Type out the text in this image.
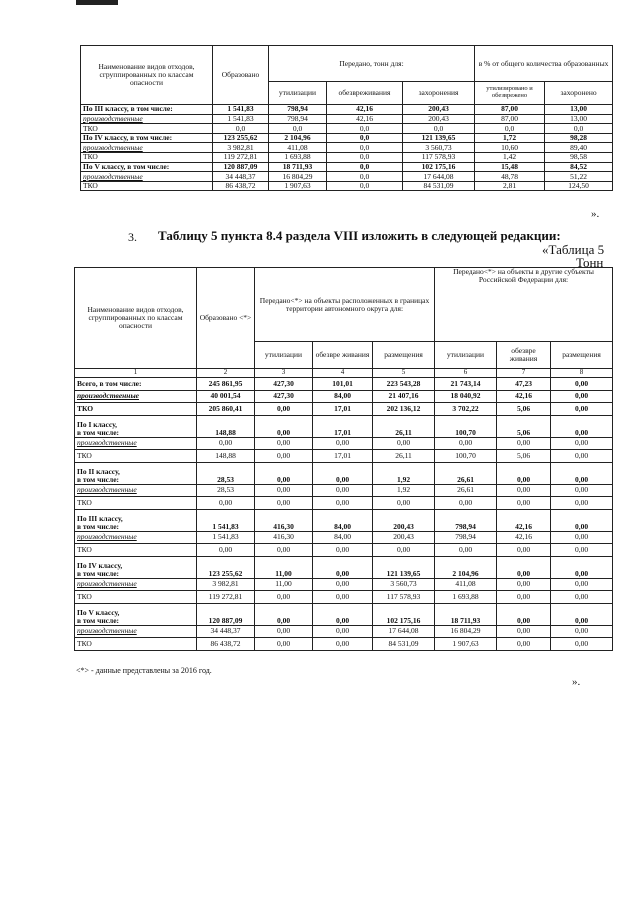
Наименование видов отходов, сгруппированных по классам опасности	Образовано	Передано, тонн для:			в % от общего количества образованных	
		утилизации	обезвреживания	захоронения	утилизировано и обезврежено	захоронено
По III классу, в том числе:	1 541,83	798,94	42,16	200,43	87,00	13,00
производственные	1 541,83	798,94	42,16	200,43	87,00	13,00
ТКО	0,0	0,0	0,0	0,0	0,0	0,0
По IV классу, в том числе:	123 255,62	2 104,96	0,0	121 139,65	1,72	98,28
производственные	3 982,81	411,08	0,0	3 560,73	10,60	89,40
ТКО	119 272,81	1 693,88	0,0	117 578,93	1,42	98,58
По V классу, в том числе:	120 887,09	18 711,93	0,0	102 175,16	15,48	84,52
производственные	34 448,37	16 804,29	0,0	17 644,08	48,78	51,22
ТКО	86 438,72	1 907,63	0,0	84 531,09	2,81	124,50
».
3. Таблицу 5 пункта 8.4 раздела VIII изложить в следующей редакции:
«Таблица 5
Тонн
Наименование видов отходов, сгруппированных по классам опасности	Образовано <*>	Передано<*> на объекты расположенных в границах территории автономного округа для:			Передано<*> на объекты в другие субъекты Российской Федерации для:		
		утилизации	обезвре живания	размещения	утилизации	обезвре живания	размещения
1	2	3	4	5	6	7	8

Всего, в том числе:	245 861,95	427,30	101,01	223 543,28	21 743,14	47,23	0,00

производственные	40 001,54	427,30	84,00	21 407,16	18 040,92	42,16	0,00

ТКО	205 860,41	0,00	17,01	202 136,12	3 702,22	5,06	0,00

По I классу,
в том числе:	148,88	0,00	17,01	26,11	100,70	5,06	0,00

производственные	0,00	0,00	0,00	0,00	0,00	0,00	0,00

ТКО	148,88	0,00	17,01	26,11	100,70	5,06	0,00

По II классу,
в том числе:	28,53	0,00	0,00	1,92	26,61	0,00	0,00

производственные	28,53	0,00	0,00	1,92	26,61	0,00	0,00

ТКО	0,00	0,00	0,00	0,00	0,00	0,00	0,00

По III классу,
в том числе:	1 541,83	416,30	84,00	200,43	798,94	42,16	0,00

производственные	1 541,83	416,30	84,00	200,43	798,94	42,16	0,00

ТКО	0,00	0,00	0,00	0,00	0,00	0,00	0,00

По IV классу,
в том числе:	123 255,62	11,00	0,00	121 139,65	2 104,96	0,00	0,00

производственные	3 982,81	11,00	0,00	3 560,73	411,08	0,00	0,00

ТКО	119 272,81	0,00	0,00	117 578,93	1 693,88	0,00	0,00

По V классу,
в том числе:	120 887,09	0,00	0,00	102 175,16	18 711,93	0,00	0,00

производственные	34 448,37	0,00	0,00	17 644,08	16 804,29	0,00	0,00

ТКО	86 438,72	0,00	0,00	84 531,09	1 907,63	0,00	0,00
<*> - данные представлены за 2016 год.
».
